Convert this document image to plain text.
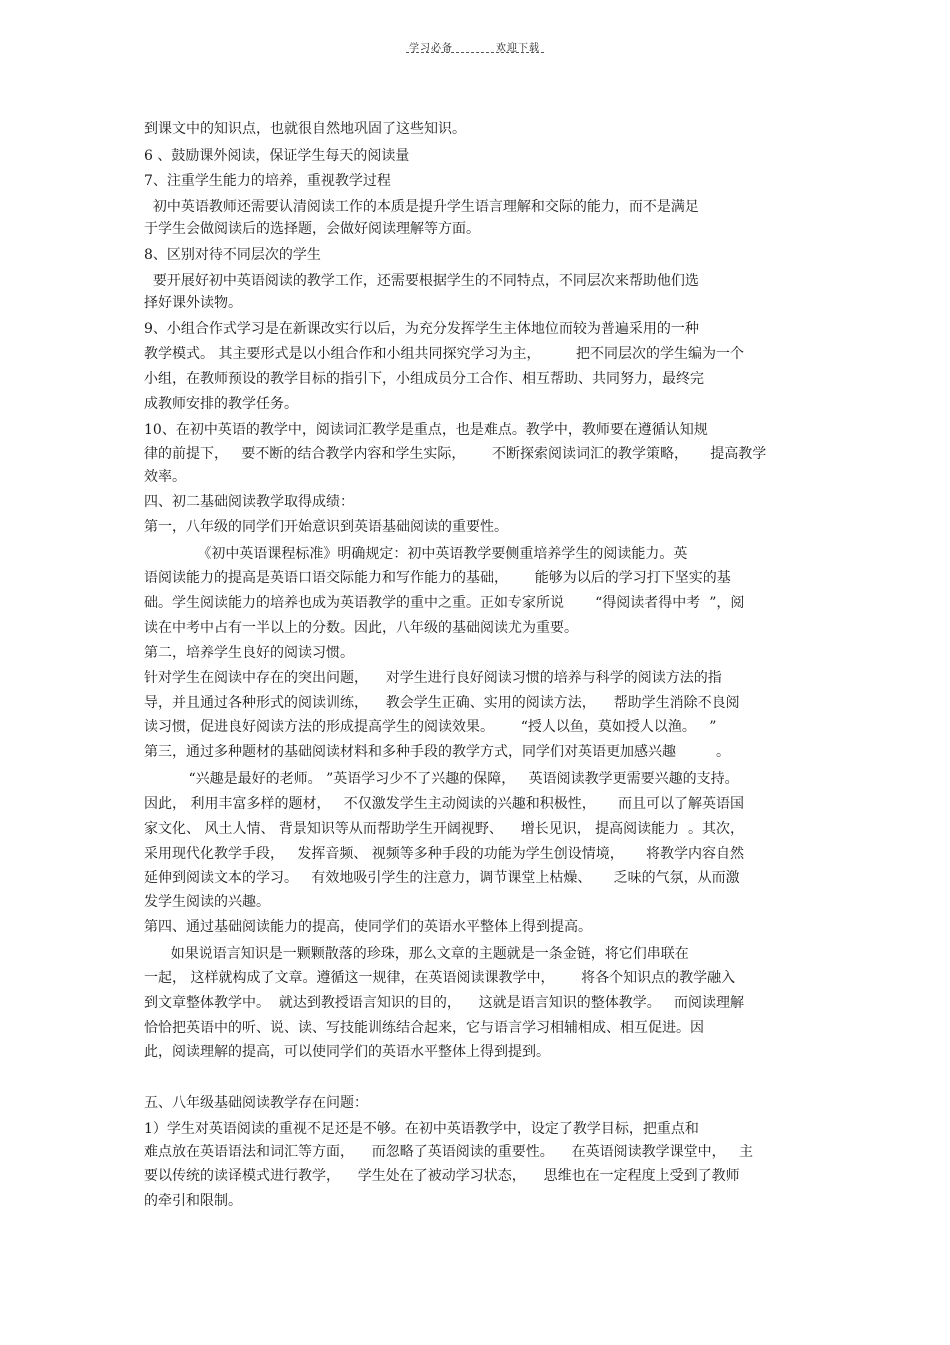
学习必备	欢迎下载
到课文中的知识点，也就很自然地巩固了这些知识。
6 、鼓励课外阅读，保证学生每天的阅读量
7、注重学生能力的培养，重视教学过程
初中英语教师还需要认清阅读工作的本质是提升学生语言理解和交际的能力，而不是满足
于学生会做阅读后的选择题，会做好阅读理解等方面。
8、区别对待不同层次的学生
要开展好初中英语阅读的教学工作，还需要根据学生的不同特点，不同层次来帮助他们选
择好课外读物。
9、小组合作式学习是在新课改实行以后，为充分发挥学生主体地位而较为普遍采用的一种
教学模式。 其主要形式是以小组合作和小组共同探究学习为主，        把不同层次的学生编为一个
小组，在教师预设的教学目标的指引下，小组成员分工合作、相互帮助、共同努力，最终完
成教师安排的教学任务。
10、在初中英语的教学中，阅读词汇教学是重点，也是难点。教学中，教师要在遵循认知规
律的前提下，   要不断的结合教学内容和学生实际，      不断探索阅读词汇的教学策略，     提高教学
效率。
四、初二基础阅读教学取得成绩：
第一，八年级的同学们开始意识到英语基础阅读的重要性。
《初中英语课程标准》明确规定：初中英语教学要侧重培养学生的阅读能力。英
语阅读能力的提高是英语口语交际能力和写作能力的基础，      能够为以后的学习打下坚实的基
础。学生阅读能力的培养也成为英语教学的重中之重。正如专家所说       “得阅读者得中考  ”，阅
读在中考中占有一半以上的分数。因此，八年级的基础阅读尤为重要。
第二，培养学生良好的阅读习惯。
针对学生在阅读中存在的突出问题，    对学生进行良好阅读习惯的培养与科学的阅读方法的指
导，并且通过各种形式的阅读训练，    教会学生正确、实用的阅读方法，    帮助学生消除不良阅
读习惯，促进良好阅读方法的形成提高学生的阅读效果。      “授人以鱼，莫如授人以渔。   ”
第三，通过多种题材的基础阅读材料和多种手段的教学方式，同学们对英语更加感兴趣         。
“兴趣是最好的老师。 ”英语学习少不了兴趣的保障，   英语阅读教学更需要兴趣的支持。
因此， 利用丰富多样的题材，   不仅激发学生主动阅读的兴趣和积极性，     而且可以了解英语国
家文化、 风土人情、 背景知识等从而帮助学生开阔视野、    增长见识， 提高阅读能力  。其次，
采用现代化教学手段，   发挥音频、 视频等多种手段的功能为学生创设情境，     将教学内容自然
延伸到阅读文本的学习。   有效地吸引学生的注意力，调节课堂上枯燥、     乏味的气氛，从而激
发学生阅读的兴趣。
第四、通过基础阅读能力的提高，使同学们的英语水平整体上得到提高。
如果说语言知识是一颗颗散落的珍珠，那么文章的主题就是一条金链，将它们串联在
一起， 这样就构成了文章。遵循这一规律，在英语阅读课教学中，      将各个知识点的教学融入
到文章整体教学中。  就达到教授语言知识的目的，    这就是语言知识的整体教学。   而阅读理解
恰恰把英语中的听、说、读、写技能训练结合起来，它与语言学习相辅相成、相互促进。因
此，阅读理解的提高，可以使同学们的英语水平整体上得到提到。
五、八年级基础阅读教学存在问题：
1）学生对英语阅读的重视不足还是不够。在初中英语教学中，设定了教学目标，把重点和
难点放在英语语法和词汇等方面，    而忽略了英语阅读的重要性。    在英语阅读教学课堂中，   主
要以传统的读译模式进行教学，    学生处在了被动学习状态，    思维也在一定程度上受到了教师
的牵引和限制。
